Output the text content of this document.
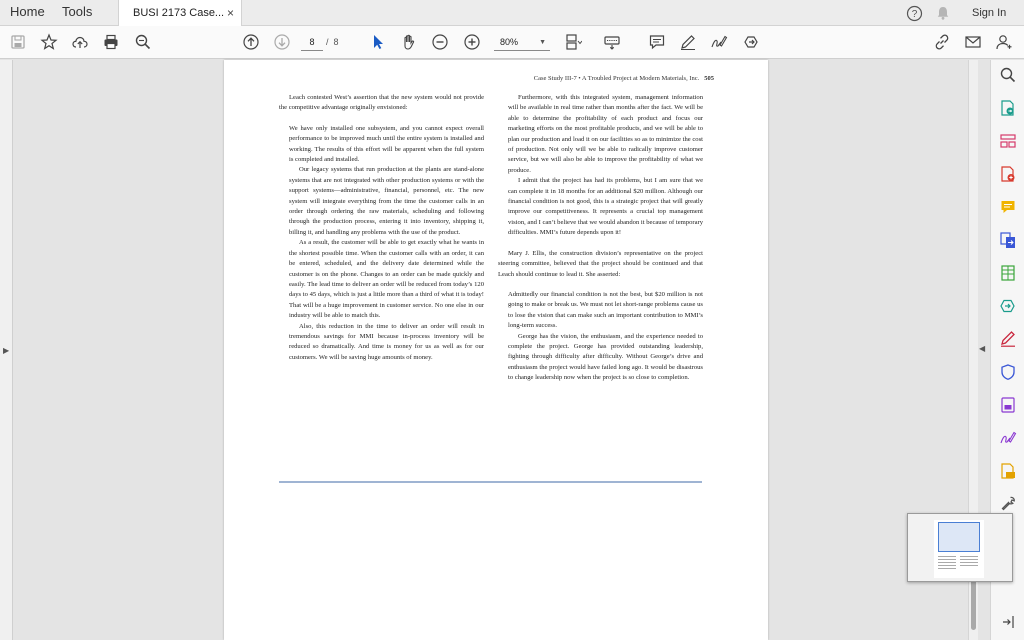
Home Tools	BUSI 2173 Case... ×	?	Sign In
8	/ 8	80%	▼
▶
Case Study III-7 • A Troubled Project at Modern Materials, Inc. 505

Leach contested West’s assertion that the new system would not provide the competitive advantage originally envisioned:

We have only installed one subsystem, and you cannot expect overall performance to be improved much until the entire system is installed and working. The results of this effort will be apparent when the full system is completed and installed.

Our legacy systems that run production at the plants are stand-alone systems that are not integrated with other production systems or with the support systems—administrative, financial, personnel, etc. The new system will integrate everything from the time the customer calls in an order through ordering the raw materials, scheduling and following through the production process, entering it into inventory, shipping it, billing it, and handling any problems with the use of the product.

As a result, the customer will be able to get exactly what he wants in the shortest possible time. When the customer calls with an order, it can be entered, scheduled, and the delivery date determined while the customer is on the phone. Changes to an order can be made quickly and easily. The lead time to deliver an order will be reduced from today’s 120 days to 45 days, which is just a little more than a third of what it is today! That will be a huge improvement in customer service. No one else in our industry will be able to match this.

Also, this reduction in the time to deliver an order will result in tremendous savings for MMI because in-process inventory will be reduced so dramatically. And time is money for us as well as for our customers. We will be saving huge amounts of money.

Furthermore, with this integrated system, management information will be available in real time rather than months after the fact. We will be able to determine the profitability of each product and focus our marketing efforts on the most profitable products, and we will be able to plan our production and load it on our facilities so as to minimize the cost of production. Not only will we be able to radically improve customer service, but we will also be able to improve the profitability of what we produce.

I admit that the project has had its problems, but I am sure that we can complete it in 18 months for an additional $20 million. Although our financial condition is not good, this is a strategic project that will greatly improve our competitiveness. It represents a crucial top management vision, and I can’t believe that we would abandon it because of temporary difficulties. MMI’s future depends upon it!

Mary J. Ellis, the construction division’s representative on the project steering committee, believed that the project should be continued and that Leach should continue to lead it. She asserted:

Admittedly our financial condition is not the best, but $20 million is not going to make or break us. We must not let short-range problems cause us to lose the vision that can make such an important contribution to MMI’s long-term success.

George has the vision, the enthusiasm, and the experience needed to complete the project. George has provided outstanding leadership, fighting through difficulty after difficulty. Without George’s drive and enthusiasm the project would have failed long ago. It would be disastrous to change leadership now when the project is so close to completion.

◀
